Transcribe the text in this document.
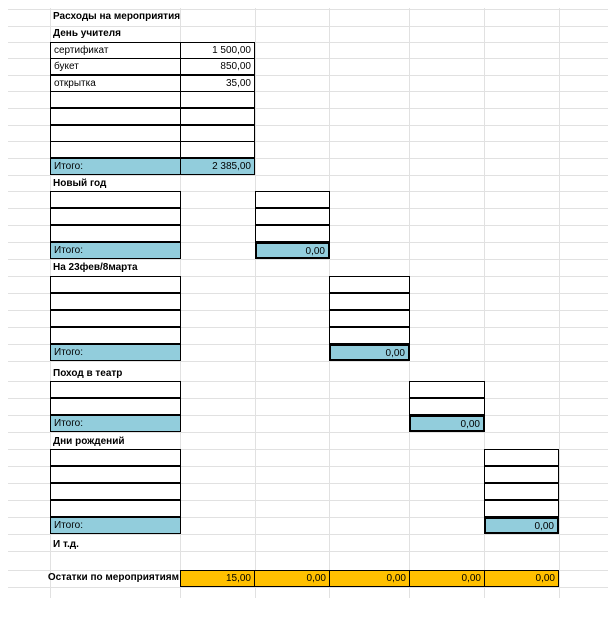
Расходы на мероприятия
День учителя
сертификат	1 500,00
букет	850,00
открытка	35,00
Итого:	2 385,00
Новый год
Итого:	0,00
На 23фев/8марта
Итого:	0,00
Поход в театр
Итого:	0,00
Дни рождений
Итого:	0,00
И т.д.
Остатки по мероприятиям	15,00	0,00	0,00	0,00	0,00
